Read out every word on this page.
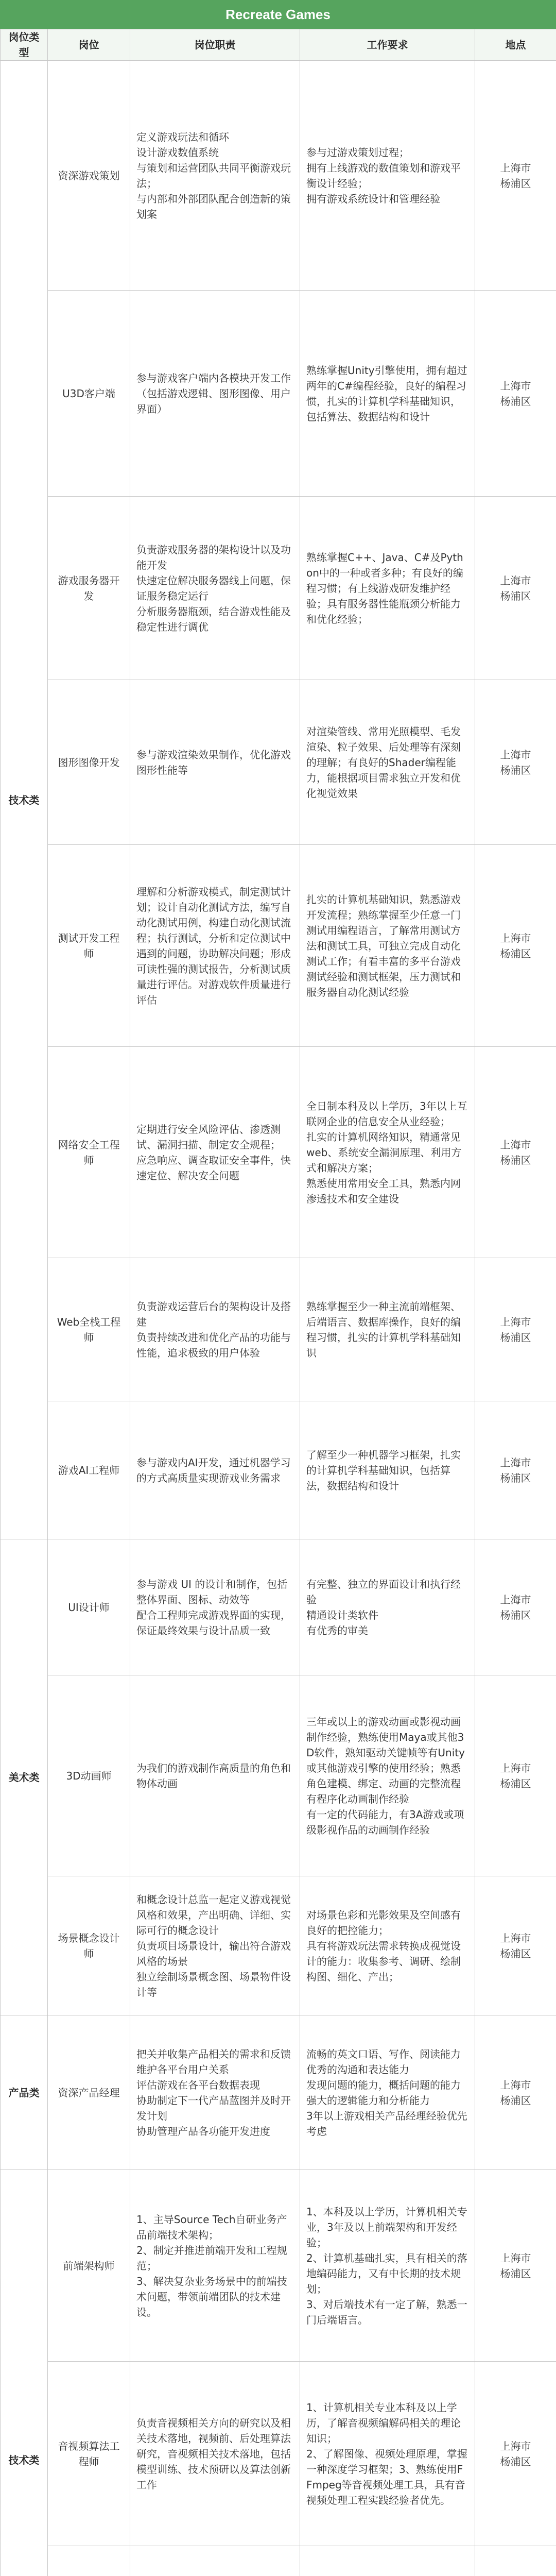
Recreate Games
岗位类型	岗位	岗位职责	工作要求	地点
技术类	资深游戏策划	定义游戏玩法和循环
设计游戏数值系统
与策划和运营团队共同平衡游戏玩法；
与内部和外部团队配合创造新的策划案	参与过游戏策划过程；
拥有上线游戏的数值策划和游戏平衡设计经验；
拥有游戏系统设计和管理经验	上海市
杨浦区
	U3D客户端	参与游戏客户端内各模块开发工作（包括游戏逻辑、图形图像、用户界面）	熟练掌握Unity引擎使用，拥有超过两年的C#编程经验，良好的编程习惯，扎实的计算机学科基础知识，包括算法、数据结构和设计	上海市
杨浦区
	游戏服务器开发	负责游戏服务器的架构设计以及功能开发
快速定位解决服务器线上问题，保证服务稳定运行
分析服务器瓶颈，结合游戏性能及稳定性进行调优	熟练掌握C++、Java、C#及Python中的一种或者多种；有良好的编程习惯；有上线游戏研发维护经验；具有服务器性能瓶颈分析能力和优化经验；	上海市
杨浦区
	图形图像开发	参与游戏渲染效果制作，优化游戏图形性能等	对渲染管线、常用光照模型、毛发渲染、粒子效果、后处理等有深刻的理解；有良好的Shader编程能力，能根据项目需求独立开发和优化视觉效果	上海市
杨浦区
	测试开发工程师	理解和分析游戏模式，制定测试计划；设计自动化测试方法，编写自动化测试用例，构建自动化测试流程；执行测试，分析和定位测试中遇到的问题，协助解决问题；形成可读性强的测试报告，分析测试质量进行评估。对游戏软件质量进行评估	扎实的计算机基础知识，熟悉游戏开发流程；熟练掌握至少任意一门测试用编程语言，了解常用测试方法和测试工具，可独立完成自动化测试工作；有看丰富的多平台游戏测试经验和测试框架，压力测试和服务器自动化测试经验	上海市
杨浦区
	网络安全工程师	定期进行安全风险评估、渗透测试、漏洞扫描、制定安全规程；
应急响应、调查取证安全事件，快速定位、解决安全问题	全日制本科及以上学历，3年以上互联网企业的信息安全从业经验；
扎实的计算机网络知识，精通常见web、系统安全漏洞原理、利用方式和解决方案；
熟悉使用常用安全工具，熟悉内网渗透技术和安全建设	上海市
杨浦区
	Web全栈工程师	负责游戏运营后台的架构设计及搭建
负责持续改进和优化产品的功能与性能，追求极致的用户体验	熟练掌握至少一种主流前端框架、后端语言、数据库操作，良好的编程习惯，扎实的计算机学科基础知识	上海市
杨浦区
	游戏AI工程师	参与游戏内AI开发，通过机器学习的方式高质量实现游戏业务需求	了解至少一种机器学习框架，扎实的计算机学科基础知识，包括算法，数据结构和设计	上海市
杨浦区
美术类	UI设计师	参与游戏 UI 的设计和制作，包括整体界面、图标、动效等
配合工程师完成游戏界面的实现，保证最终效果与设计品质一致	有完整、独立的界面设计和执行经验
精通设计类软件
有优秀的审美	上海市
杨浦区
	3D动画师	为我们的游戏制作高质量的角色和物体动画	三年或以上的游戏动画或影视动画制作经验，熟练使用Maya或其他3D软件，熟知驱动关键帧等有Unity或其他游戏引擎的使用经验；熟悉角色建模、绑定、动画的完整流程
有程序化动画制作经验
有一定的代码能力，有3A游戏或项级影视作品的动画制作经验	上海市
杨浦区
	场景概念设计师	和概念设计总监一起定义游戏视觉风格和效果，产出明确、详细、实际可行的概念设计
负责项目场景设计，输出符合游戏风格的场景
独立绘制场景概念图、场景物件设计等	对场景色彩和光影效果及空间感有良好的把控能力；
具有将游戏玩法需求转换成视觉设计的能力：收集参考、调研、绘制构图、细化、产出；	上海市
杨浦区
产品类	资深产品经理	把关并收集产品相关的需求和反馈
维护各平台用户关系
评估游戏在各平台数据表现
协助制定下一代产品蓝图并及时开发计划
协助管理产品各功能开发进度	流畅的英文口语、写作、阅读能力
优秀的沟通和表达能力
发现问题的能力，概括问题的能力
强大的逻辑能力和分析能力
3年以上游戏相关产品经理经验优先考虑	上海市
杨浦区
技术类	前端架构师	1、主导Source Tech自研业务产品前端技术架构；
2、制定并推进前端开发和工程规范；
3、解决复杂业务场景中的前端技术问题，带领前端团队的技术建设。	1、本科及以上学历，计算机相关专业，3年及以上前端架构和开发经验；
2、计算机基础扎实，具有相关的落地编码能力，又有中长期的技术规划；
3、对后端技术有一定了解，熟悉一门后端语言。	上海市
杨浦区
	音视频算法工程师	负责音视频相关方向的研究以及相关技术落地，视频前、后处理算法研究，音视频相关技术落地，包括模型训练、技术预研以及算法创新工作	1、计算机相关专业本科及以上学历，了解音视频编解码相关的理论知识；
2、了解图像、视频处理原理，掌握一种深度学习框架；3、熟练使用FFmpeg等音视频处理工具，具有音视频处理工程实践经验者优先。	上海市
杨浦区
